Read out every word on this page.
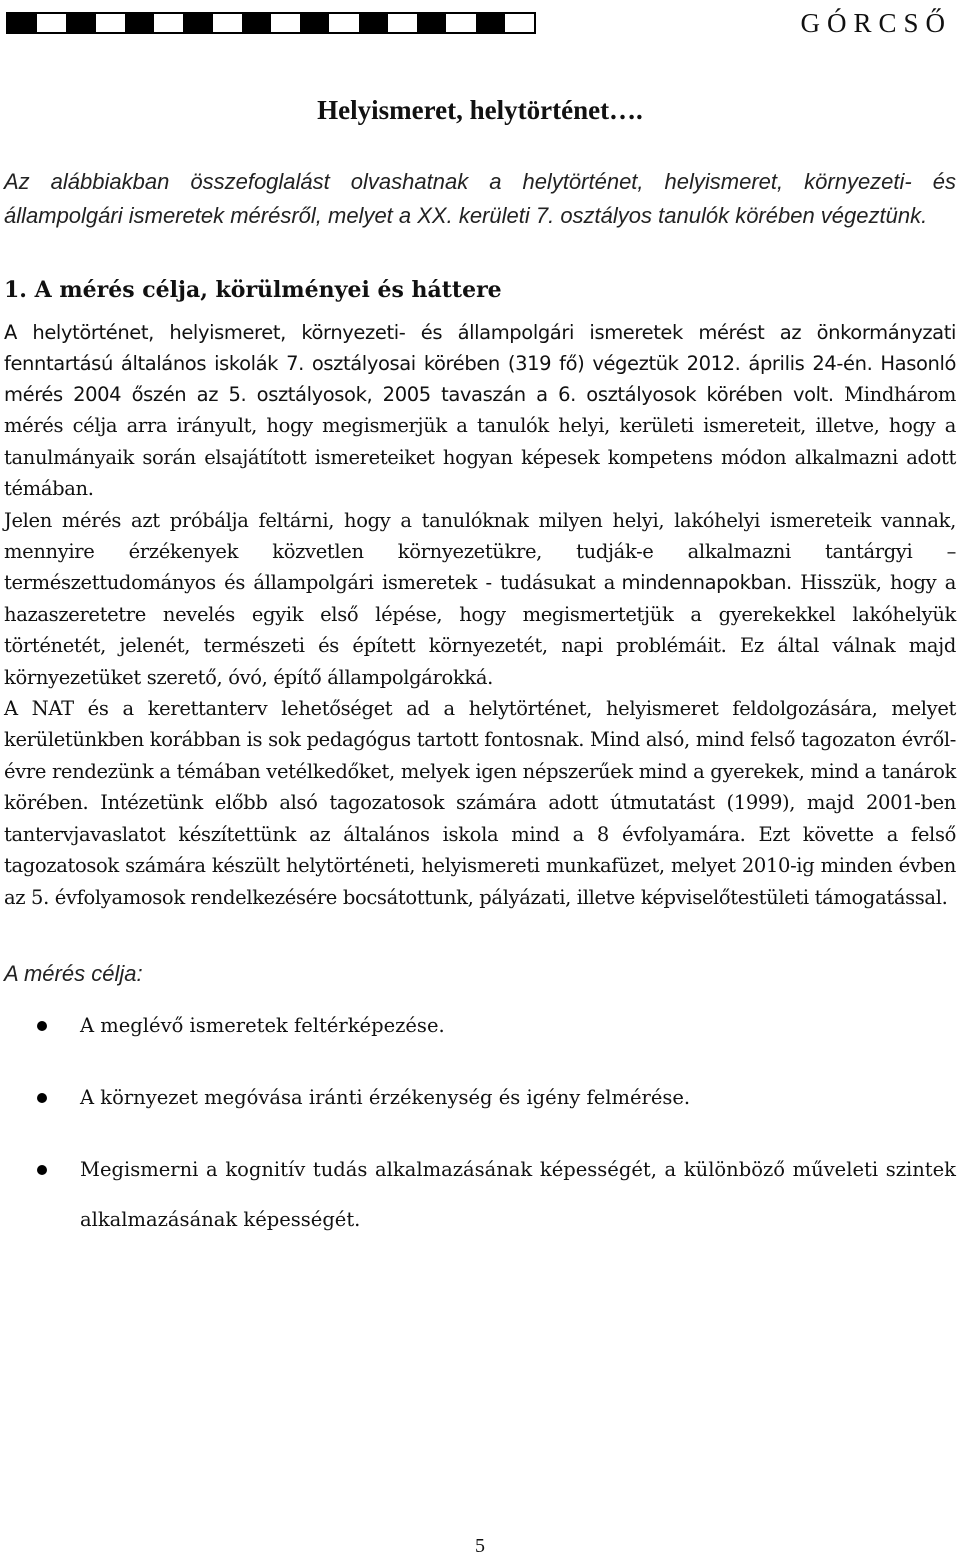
GÓRCSŐ
Helyismeret, helytörténet….

Az alábbiakban összefoglalást olvashatnak a helytörténet, helyismeret, környezeti- és állampolgári ismeretek mérésről, melyet a XX. kerületi 7. osztályos tanulók körében végeztünk.

1. A mérés célja, körülményei és háttere

A helytörténet, helyismeret, környezeti- és állampolgári ismeretek mérést az önkormányzati fenntartású általános iskolák 7. osztályosai körében (319 fő) végeztük 2012. április 24-én. Hasonló mérés 2004 őszén az 5. osztályosok, 2005 tavaszán a 6. osztályosok körében volt. Mindhárom mérés célja arra irányult, hogy megismerjük a tanulók helyi, kerületi ismereteit, illetve, hogy a tanulmányaik során elsajátított ismereteiket hogyan képesek kompetens módon alkalmazni adott témában.

Jelen mérés azt próbálja feltárni, hogy a tanulóknak milyen helyi, lakóhelyi ismereteik vannak, mennyire érzékenyek közvetlen környezetükre, tudják-e alkalmazni tantárgyi – természettudományos és állampolgári ismeretek - tudásukat a mindennapokban. Hisszük, hogy a hazaszeretetre nevelés egyik első lépése, hogy megismertetjük a gyerekekkel lakóhelyük történetét, jelenét, természeti és épített környezetét, napi problémáit. Ez által válnak majd környezetüket szerető, óvó, építő állampolgárokká.

A NAT és a kerettanterv lehetőséget ad a helytörténet, helyismeret feldolgozására, melyet kerületünkben korábban is sok pedagógus tartott fontosnak. Mind alsó, mind felső tagozaton évről-évre rendezünk a témában vetélkedőket, melyek igen népszerűek mind a gyerekek, mind a tanárok körében. Intézetünk előbb alsó tagozatosok számára adott útmutatást (1999), majd 2001-ben tantervjavaslatot készítettünk az általános iskola mind a 8 évfolyamára. Ezt követte a felső tagozatosok számára készült helytörténeti, helyismereti munkafüzet, melyet 2010-ig minden évben az 5. évfolyamosok rendelkezésére bocsátottunk, pályázati, illetve képviselőtestületi támogatással.

A mérés célja:
A meglévő ismeretek feltérképezése.
A környezet megóvása iránti érzékenység és igény felmérése.
Megismerni a kognitív tudás alkalmazásának képességét, a különböző műveleti szintek alkalmazásának képességét.
5
